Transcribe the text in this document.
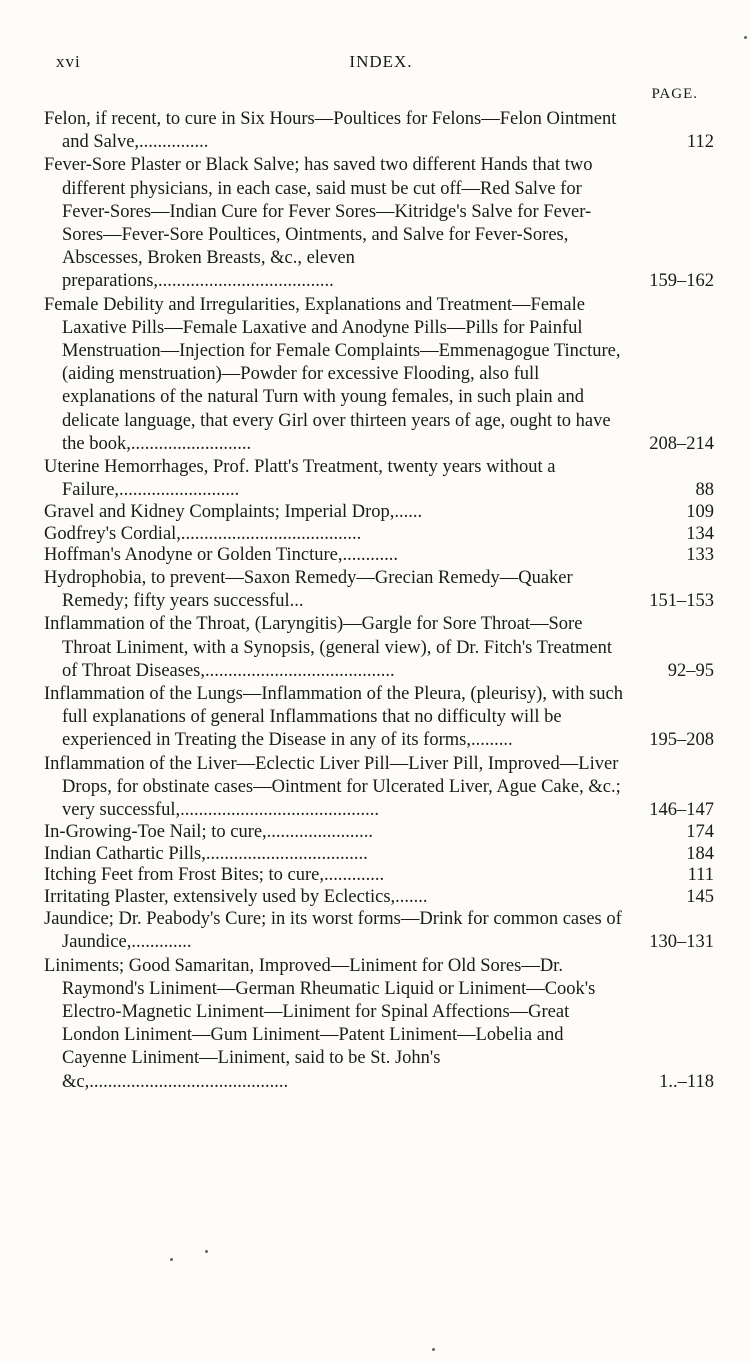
xvi	INDEX.
PAGE.
Felon, if recent, to cure in Six Hours—Poultices for Felons—Felon Ointment and Salve,...............	112
Fever-Sore Plaster or Black Salve; has saved two different Hands that two different physicians, in each case, said must be cut off—Red Salve for Fever-Sores—Indian Cure for Fever Sores—Kitridge's Salve for Fever-Sores—Fever-Sore Poultices, Ointments, and Salve for Fever-Sores, Abscesses, Broken Breasts, &c., eleven preparations,......................................	159–162
Female Debility and Irregularities, Explanations and Treatment—Female Laxative Pills—Female Laxative and Anodyne Pills—Pills for Painful Menstruation—Injection for Female Complaints—Emmenagogue Tincture, (aiding menstruation)—Powder for excessive Flooding, also full explanations of the natural Turn with young females, in such plain and delicate language, that every Girl over thirteen years of age, ought to have the book,..........................	208–214
Uterine Hemorrhages, Prof. Platt's Treatment, twenty years without a Failure,..........................	88
Gravel and Kidney Complaints; Imperial Drop,......	109
Godfrey's Cordial,.......................................	134
Hoffman's Anodyne or Golden Tincture,............	133
Hydrophobia, to prevent—Saxon Remedy—Grecian Remedy—Quaker Remedy; fifty years successful...	151–153
Inflammation of the Throat, (Laryngitis)—Gargle for Sore Throat—Sore Throat Liniment, with a Synopsis, (general view), of Dr. Fitch's Treatment of Throat Diseases,.........................................	92–95
Inflammation of the Lungs—Inflammation of the Pleura, (pleurisy), with such full explanations of general Inflammations that no difficulty will be experienced in Treating the Disease in any of its forms,.........	195–208
Inflammation of the Liver—Eclectic Liver Pill—Liver Pill, Improved—Liver Drops, for obstinate cases—Ointment for Ulcerated Liver, Ague Cake, &c.; very successful,...........................................	146–147
In-Growing-Toe Nail; to cure,.......................	174
Indian Cathartic Pills,...................................	184
Itching Feet from Frost Bites; to cure,.............	111
Irritating Plaster, extensively used by Eclectics,.......	145
Jaundice; Dr. Peabody's Cure; in its worst forms—Drink for common cases of Jaundice,.............	130–131
Liniments; Good Samaritan, Improved—Liniment for Old Sores—Dr. Raymond's Liniment—German Rheumatic Liquid or Liniment—Cook's Electro-Magnetic Liniment—Liniment for Spinal Affections—Great London Liniment—Gum Liniment—Patent Liniment—Lobelia and Cayenne Liniment—Liniment, said to be St. John's &c,...........................................	1..–118
